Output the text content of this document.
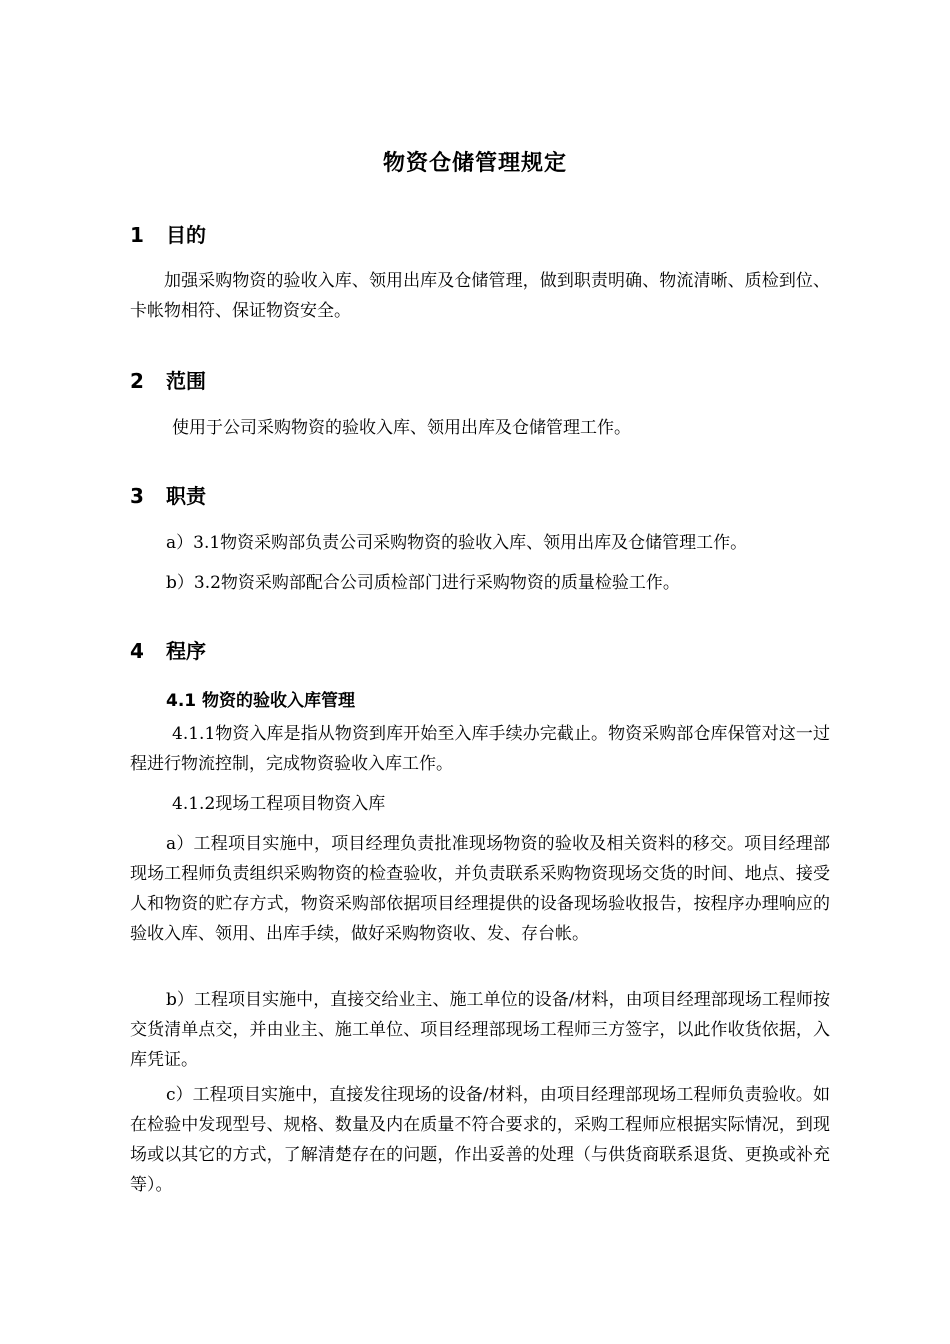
物资仓储管理规定
1 目的

加强采购物资的验收入库、领用出库及仓储管理，做到职责明确、物流清晰、质检到位、卡帐物相符、保证物资安全。

2 范围

使用于公司采购物资的验收入库、领用出库及仓储管理工作。

3 职责

a）3.1物资采购部负责公司采购物资的验收入库、领用出库及仓储管理工作。

b）3.2物资采购部配合公司质检部门进行采购物资的质量检验工作。

4 程序
4.1 物资的验收入库管理

4.1.1物资入库是指从物资到库开始至入库手续办完截止。物资采购部仓库保管对这一过程进行物流控制，完成物资验收入库工作。

4.1.2现场工程项目物资入库

a）工程项目实施中，项目经理负责批准现场物资的验收及相关资料的移交。项目经理部现场工程师负责组织采购物资的检查验收，并负责联系采购物资现场交货的时间、地点、接受人和物资的贮存方式，物资采购部依据项目经理提供的设备现场验收报告，按程序办理响应的验收入库、领用、出库手续，做好采购物资收、发、存台帐。

b）工程项目实施中，直接交给业主、施工单位的设备/材料，由项目经理部现场工程师按交货清单点交，并由业主、施工单位、项目经理部现场工程师三方签字，以此作收货依据，入库凭证。

c）工程项目实施中，直接发往现场的设备/材料，由项目经理部现场工程师负责验收。如在检验中发现型号、规格、数量及内在质量不符合要求的，采购工程师应根据实际情况，到现场或以其它的方式，了解清楚存在的问题，作出妥善的处理（与供货商联系退货、更换或补充等）。
